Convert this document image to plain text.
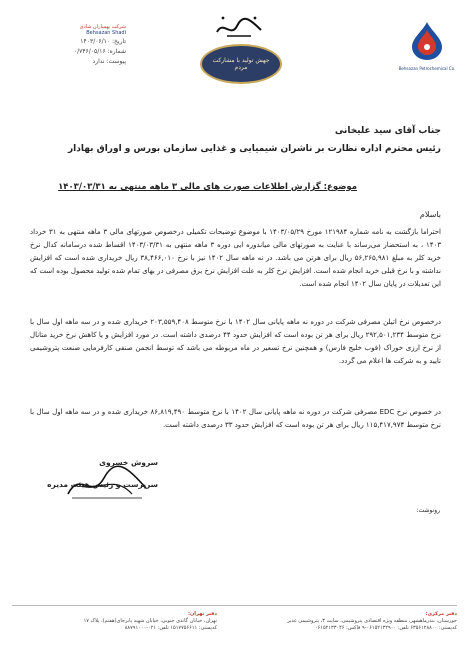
شرکت بهسازان شادی
Behsazan Shadi
تاریخ: ۱۴۰۳/۰۶/۱۰
شماره: ۰/۷۴۶/۰۵/۱۶
پیوست: ندارد	جهش تولید با مشارکت مردم	Behsazan Petrochemical Co.
جناب آقای سید علیخانی
رئیس محترم اداره نظارت بر ناشران شیمیایی و غذایی سازمان بورس و اوراق بهادار
موضوع: گزارش اطلاعات صورت های مالی ۳ ماهه منتهی به ۱۴۰۳/۰۳/۳۱
باسلام
احتراما بازگشت به نامه شماره ۱۲۱۹۸۴ مورخ ۱۴۰۳/۰۵/۲۹ با موضوع توضیحات تکمیلی درخصوص صورتهای مالی ۳ ماهه منتهی به ۳۱ خرداد ۱۴۰۳ ، به استحضار می‌رساند با عنایت به صورتهای مالی میاندوره ایی دوره ۳ ماهه منتهی به ۱۴۰۳/۰۳/۳۱ اقساط شده درسامانه کدال نرخ خرید کلر به مبلغ ۵۶,۲۶۵,۹۸۱ ریال برای هرتن می باشد. در نه ماهه سال ۱۴۰۲ نیز با نرخ ۳۸,۴۶۶,۰۱۰ ریال خریداری شده است که افزایش نداشته و با نرخ قبلی خرید انجام شده است. افزایش نرخ کلر به علت افزایش نرخ برق مصرفی در بهای تمام شده تولید محصول بوده است که این تعدیلات در پایان سال ۱۴۰۲ انجام شده است.
درخصوص نرخ اتیلن مصرفی شرکت در دوره نه ماهه پایانی سال ۱۴۰۲ با نرخ متوسط ۲۰۳,۵۵۹,۴۰۸ خریداری شده و در سه ماهه اول سال با نرخ متوسط ۲۹۲,۵۰۱,۲۳۴ ریال برای هر تن بوده است که افزایش حدود ۴۴ درصدی داشته است. در مورد افزایش و یا کاهش نرخ خرید متانال از نرخ ارزی خوراک (فوب خلیج فارس) و همچنین نرخ تسعیر در ماه مربوطه می باشد که توسط انجمن صنفی کارفرمایی صنعت پتروشیمی تایید و به شرکت ها اعلام می گردد.
در خصوص نرخ EDC مصرفی شرکت در دوره نه ماهه پایانی سال ۱۴۰۲ با نرخ متوسط ۸۶,۸۱۹,۴۹۰ خریداری شده و در سه ماهه اول سال با نرخ متوسط ۱۱۵,۴۱۷,۹۷۴ ریال برای هر تن بوده است که افزایش حدود ۳۳ درصدی داشته است.
سروش خسروی
سرپرست و رئیس هیئت مدیره
رونوشت:
دفتر مرکزی:
خوزستان، بندرماهشهر، منطقه ویژه اقتصادی پتروشیمی، سایت ۳، پتروشیمی غدیر
کدپستی: ۶۳۵۶۱۲۸۸۰۰ تلفن: ۰۶۱۵۲۱۳۲۹۰۰-۹ فاکس: ۰۶۱۵۲۱۳۳۰۴۶
دفتر تهران:
تهران، خیابان گاندی جنوبی، خیابان شهید پابرجای(هفتم)، پلاک ۱۷
کدپستی: ۱۵۱۷۷۵۶۶۱۱ تلفن: ۰۲۱-۸۸۷۹۱۰۰۰
